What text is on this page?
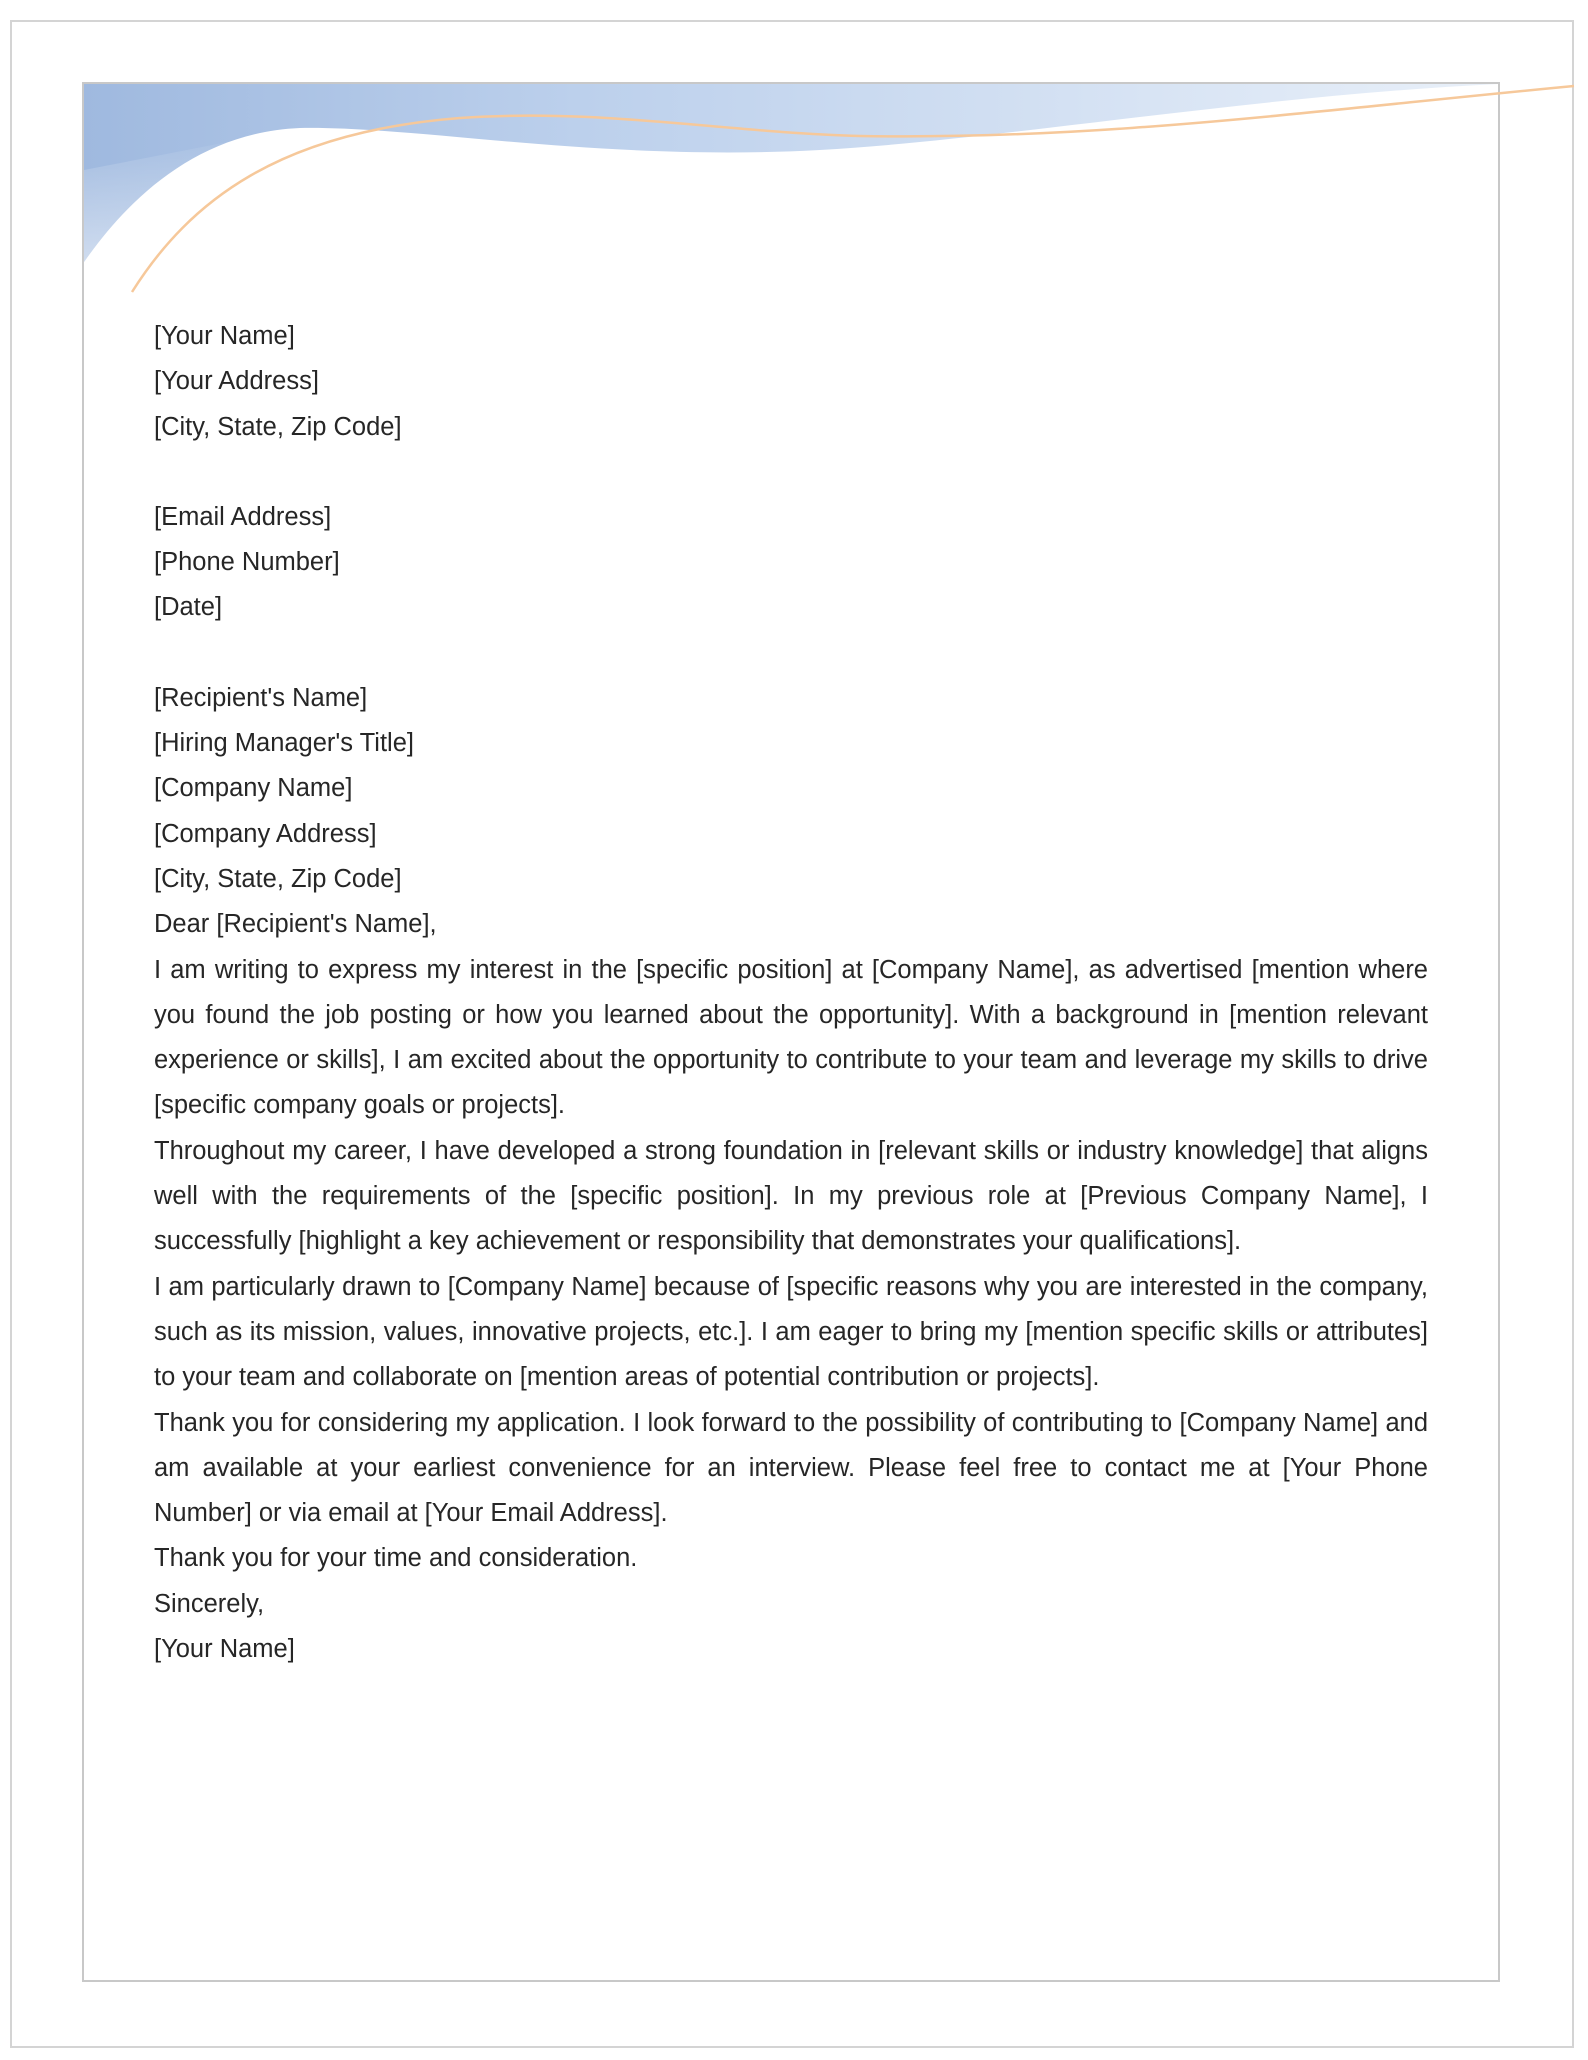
[Your Name]

[Your Address]

[City, State, Zip Code]

[Email Address]

[Phone Number]

[Date]

[Recipient's Name]

[Hiring Manager's Title]

[Company Name]

[Company Address]

[City, State, Zip Code]

Dear [Recipient's Name],

I am writing to express my interest in the [specific position] at [Company Name], as advertised [mention where you found the job posting or how you learned about the opportunity]. With a background in [mention relevant experience or skills], I am excited about the opportunity to contribute to your team and leverage my skills to drive [specific company goals or projects].

Throughout my career, I have developed a strong foundation in [relevant skills or industry knowledge] that aligns well with the requirements of the [specific position]. In my previous role at [Previous Company Name], I successfully [highlight a key achievement or responsibility that demonstrates your qualifications].

I am particularly drawn to [Company Name] because of [specific reasons why you are interested in the company, such as its mission, values, innovative projects, etc.]. I am eager to bring my [mention specific skills or attributes] to your team and collaborate on [mention areas of potential contribution or projects].

Thank you for considering my application. I look forward to the possibility of contributing to [Company Name] and am available at your earliest convenience for an interview. Please feel free to contact me at [Your Phone Number] or via email at [Your Email Address].

Thank you for your time and consideration.

Sincerely,

[Your Name]
